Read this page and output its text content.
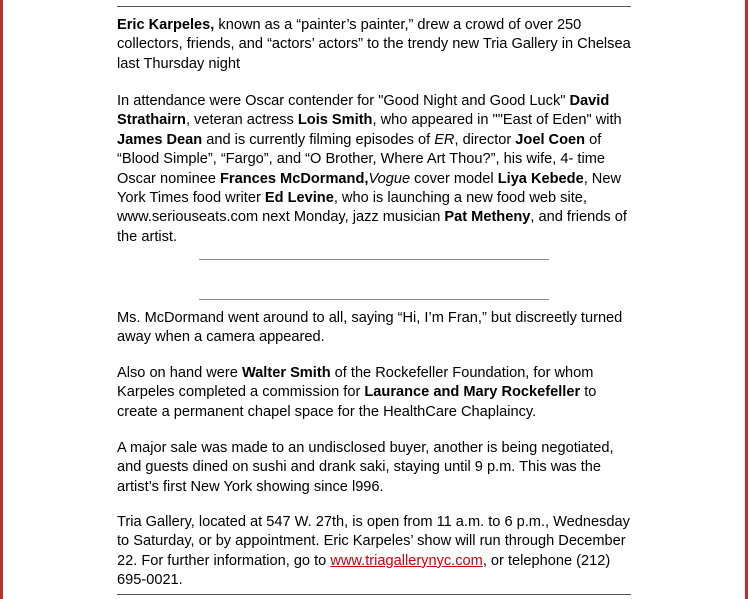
Eric Karpeles, known as a “painter’s painter,” drew a crowd of over 250 collectors, friends, and “actors’ actors” to the trendy new Tria Gallery in Chelsea last Thursday night

In attendance were Oscar contender for "Good Night and Good Luck" David Strathairn, veteran actress Lois Smith, who appeared in ""East of Eden" with James Dean and is currently filming episodes of ER, director Joel Coen of “Blood Simple”, “Fargo”, and “O Brother, Where Art Thou?”, his wife, 4- time Oscar nominee Frances McDormand,Vogue cover model Liya Kebede, New York Times food writer Ed Levine, who is launching a new food web site, www.seriouseats.com next Monday, jazz musician Pat Metheny, and friends of the artist.

Ms. McDormand went around to all, saying “Hi, I’m Fran,” but discreetly turned away when a camera appeared.

Also on hand were Walter Smith of the Rockefeller Foundation, for whom Karpeles completed a commission for Laurance and Mary Rockefeller to create a permanent chapel space for the HealthCare Chaplaincy.

A major sale was made to an undisclosed buyer, another is being negotiated, and guests dined on sushi and drank saki, staying until 9 p.m. This was the artist’s first New York showing since l996.

Tria Gallery, located at 547 W. 27th, is open from 11 a.m. to 6 p.m., Wednesday to Saturday, or by appointment. Eric Karpeles’ show will run through December 22. For further information, go to www.triagallerynyc.com, or telephone (212) 695-0021.
